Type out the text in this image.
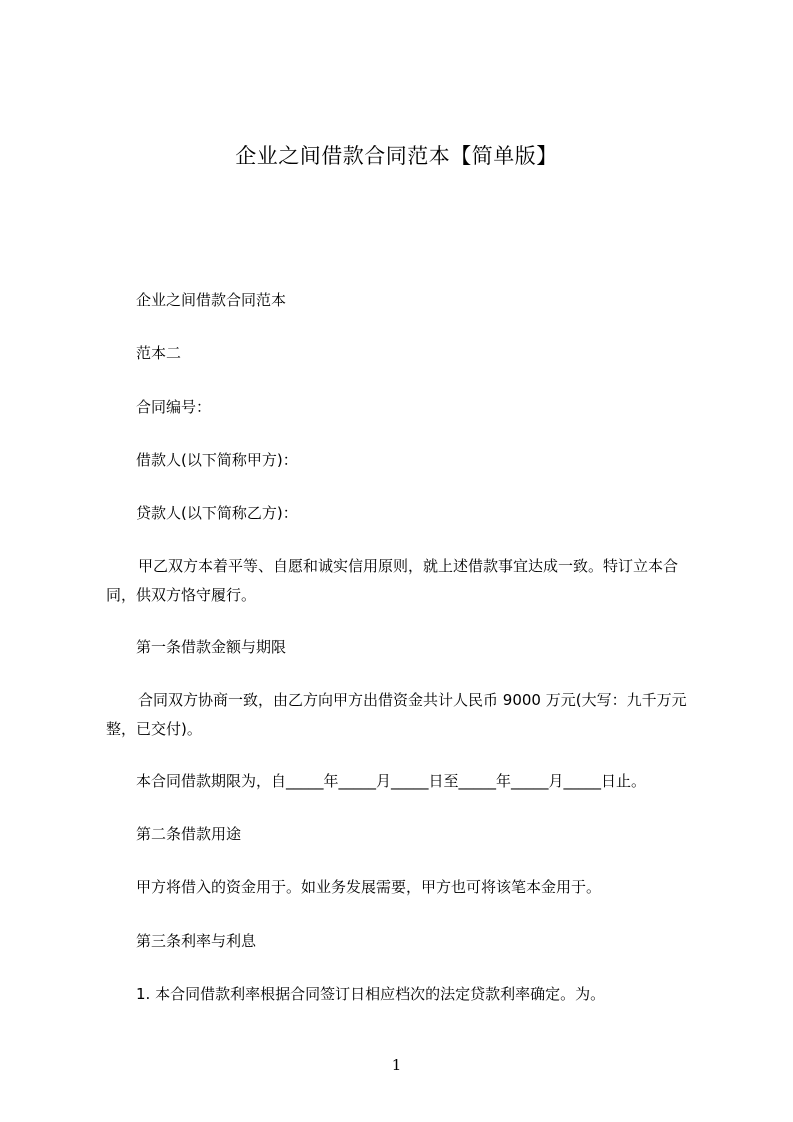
企业之间借款合同范本【简单版】

企业之间借款合同范本

范本二

合同编号：

借款人(以下简称甲方)：

贷款人(以下简称乙方)：

甲乙双方本着平等、自愿和诚实信用原则，就上述借款事宜达成一致。特订立本合同，供双方恪守履行。

第一条借款金额与期限

合同双方协商一致，由乙方向甲方出借资金共计人民币 9000 万元(大写：九千万元整，已交付)。

本合同借款期限为，自_____年_____月_____日至_____年_____月_____日止。

第二条借款用途

甲方将借入的资金用于。如业务发展需要，甲方也可将该笔本金用于。

第三条利率与利息

1. 本合同借款利率根据合同签订日相应档次的法定贷款利率确定。为。

1
